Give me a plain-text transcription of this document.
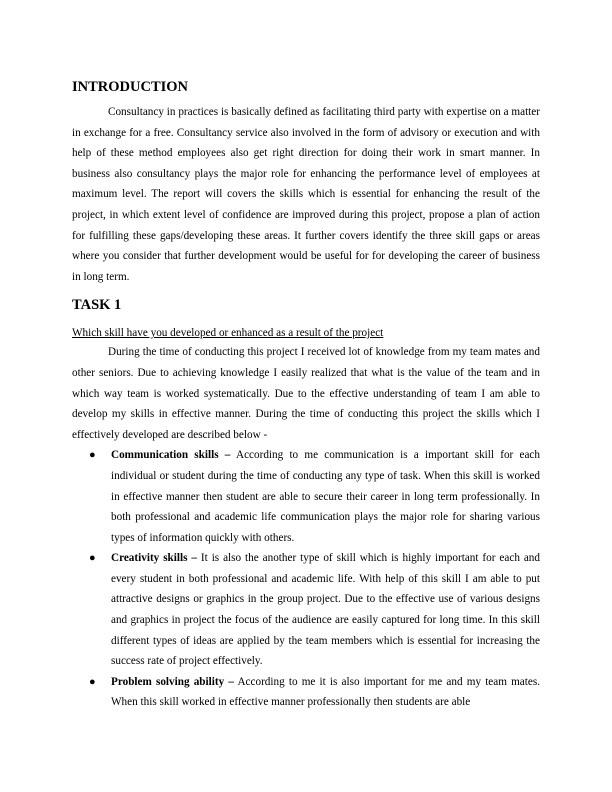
INTRODUCTION

Consultancy in practices is basically defined as facilitating third party with expertise on a matter in exchange for a free. Consultancy service also involved in the form of advisory or execution and with help of these method employees also get right direction for doing their work in smart manner. In business also consultancy plays the major role for enhancing the performance level of employees at maximum level. The report will covers the skills which is essential for enhancing the result of the project, in which extent level of confidence are improved during this project, propose a plan of action for fulfilling these gaps/developing these areas. It further covers identify the three skill gaps or areas where you consider that further development would be useful for for developing the career of business in long term.

TASK 1

Which skill have you developed or enhanced as a result of the project

During the time of conducting this project I received lot of knowledge from my team mates and other seniors. Due to achieving knowledge I easily realized that what is the value of the team and in which way team is worked systematically. Due to the effective understanding of team I am able to develop my skills in effective manner. During the time of conducting this project the skills which I effectively developed are described below -

● Communication skills – According to me communication is a important skill for each individual or student during the time of conducting any type of task. When this skill is worked in effective manner then student are able to secure their career in long term professionally. In both professional and academic life communication plays the major role for sharing various types of information quickly with others.
● Creativity skills – It is also the another type of skill which is highly important for each and every student in both professional and academic life. With help of this skill I am able to put attractive designs or graphics in the group project. Due to the effective use of various designs and graphics in project the focus of the audience are easily captured for long time. In this skill different types of ideas are applied by the team members which is essential for increasing the success rate of project effectively.
● Problem solving ability – According to me it is also important for me and my team mates. When this skill worked in effective manner professionally then students are able
